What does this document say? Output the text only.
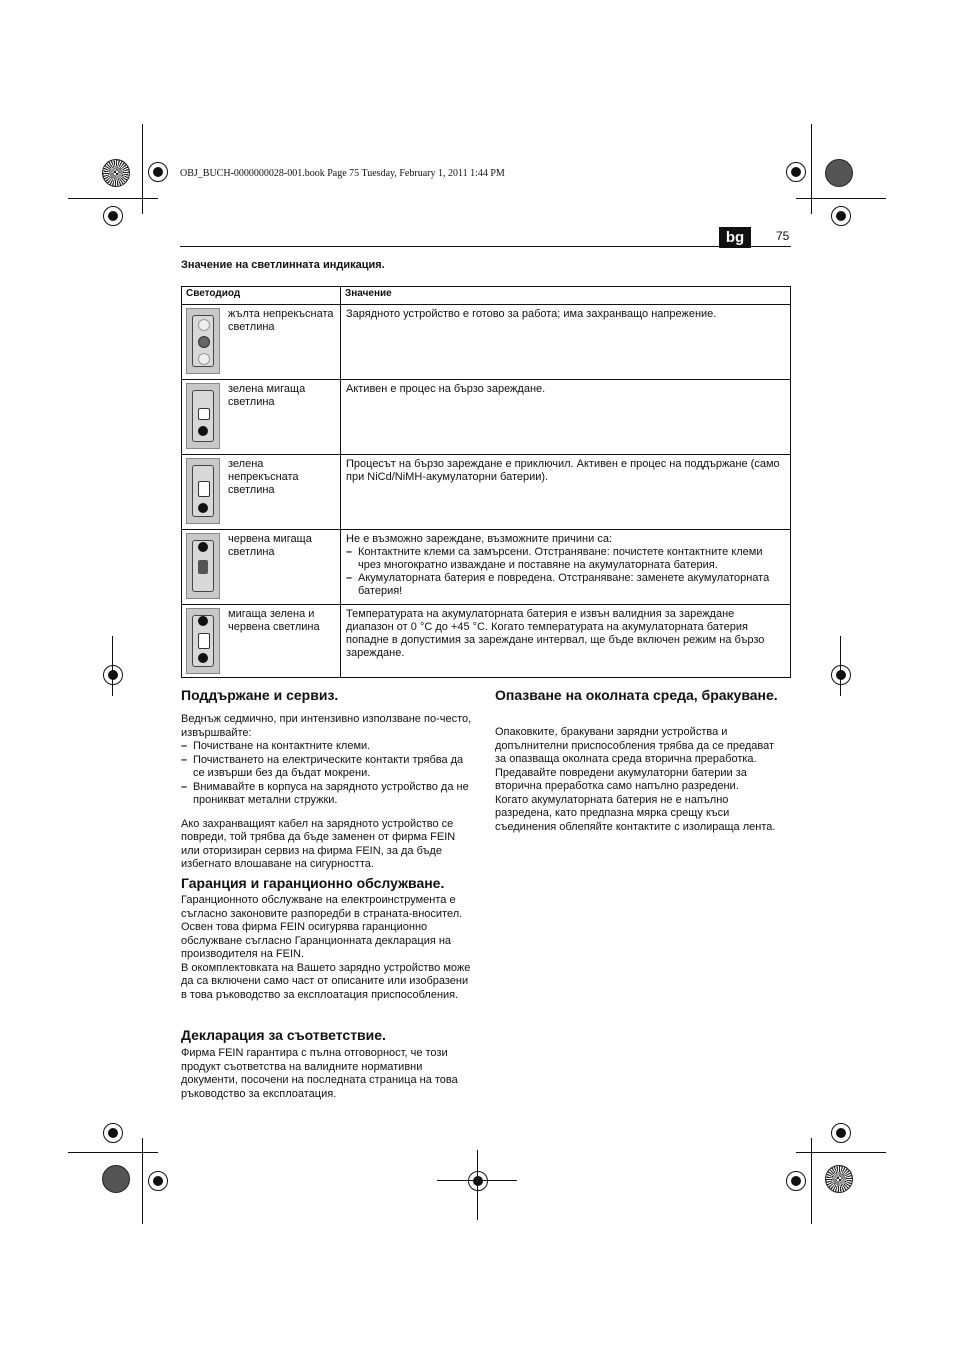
OBJ_BUCH-0000000028-001.book Page 75 Tuesday, February 1, 2011 1:44 PM
bg	75
Значение на светлинната индикация.
Светодиод	Значение

жълта непрекъсната светлина	Зарядното устройство е готово за работа; има захранващо напрежение.

зелена мигаща светлина	Активен е процес на бързо зареждане.

зелена непрекъсната светлина	Процесът на бързо зареждане е приключил. Активен е процес на поддържане (само при NiCd/NiMH-акумулаторни батерии).

червена мигаща светлина	Не е възможно зареждане, възможните причини са:
– Контактните клеми са замърсени. Отстраняване: почистете контактните клеми чрез многократно изваждане и поставяне на акумулаторната батерия.
– Акумулаторната батерия е повредена. Отстраняване: заменете акумулаторната батерия!

мигаща зелена и червена светлина	Температурата на акумулаторната батерия е извън валидния за зареждане диапазон от 0 °C до +45 °C. Когато температурата на акумулаторната батерия попадне в допустимия за зареждане интервал, ще бъде включен режим на бързо зареждане.
Поддържане и сервиз.
Веднъж седмично, при интензивно използване по-често, извършвайте:
– Почистване на контактните клеми.
– Почистването на електрическите контакти трябва да се извърши без да бъдат мокрени.
– Внимавайте в корпуса на зарядното устройство да не проникват метални стружки.
Ако захранващият кабел на зарядното устройство се повреди, той трябва да бъде заменен от фирма FEIN или оторизиран сервиз на фирма FEIN, за да бъде избегнато влошаване на сигурността.
Гаранция и гаранционно обслужване.
Гаранционното обслужване на електроинструмента е съгласно законовите разпоредби в страната-вносител. Освен това фирма FEIN осигурява гаранционно обслужване съгласно Гаранционната декларация на производителя на FEIN.
В окомплектовката на Вашето зарядно устройство може да са включени само част от описаните или изобразени в това ръководство за експлоатация приспособления.
Декларация за съответствие.
Фирма FEIN гарантира с пълна отговорност, че този продукт съответства на валидните нормативни документи, посочени на последната страница на това ръководство за експлоатация.
Опазване на околната среда, бракуване.
Опаковките, бракувани зарядни устройства и допълнителни приспособления трябва да се предават за опазваща околната среда вторична преработка.
Предавайте повредени акумулаторни батерии за вторична преработка само напълно разредени.
Когато акумулаторната батерия не е напълно разредена, като предпазна мярка срещу къси съединения облепяйте контактите с изолираща лента.
